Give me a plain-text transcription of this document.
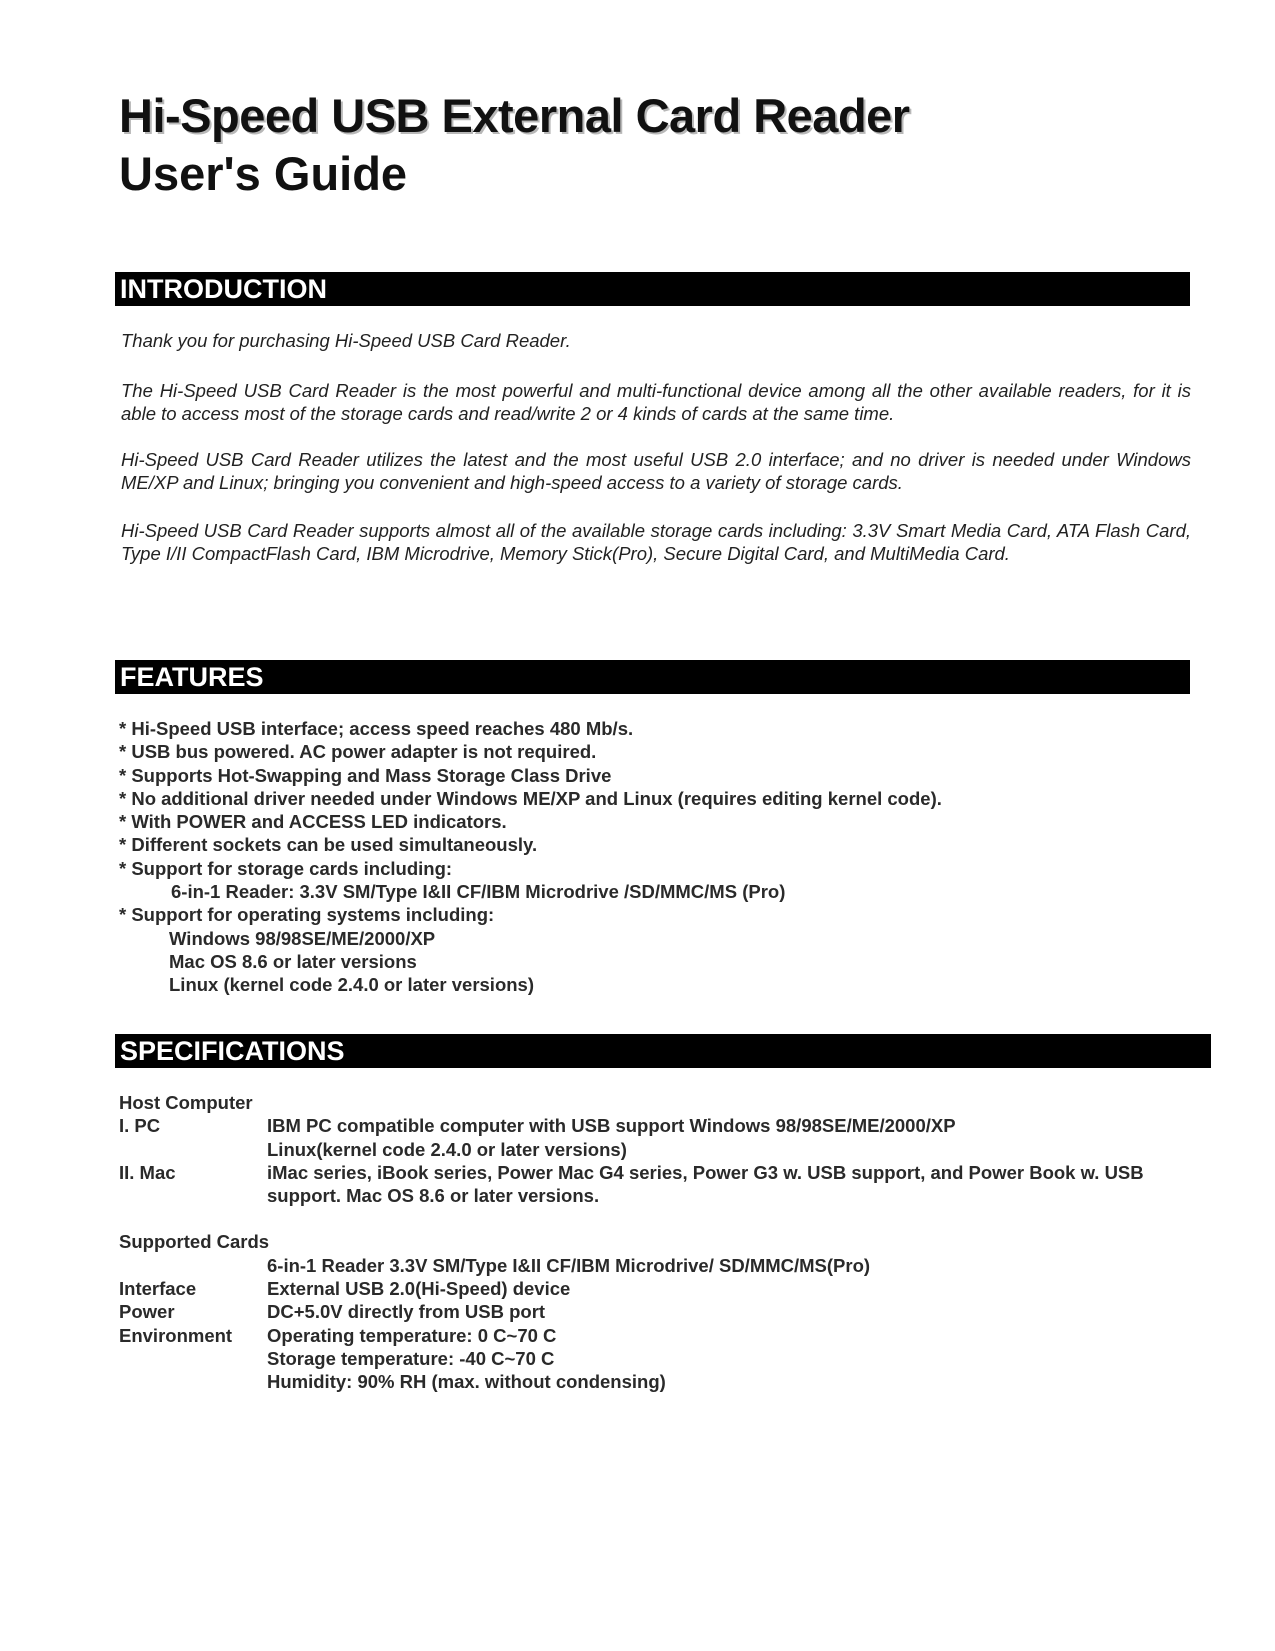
Hi-Speed USB External Card Reader
User's Guide
INTRODUCTION

Thank you for purchasing Hi-Speed USB Card Reader.

The Hi-Speed USB Card Reader is the most powerful and multi-functional device among all the other available readers, for it is able to access most of the storage cards and read/write 2 or 4 kinds of cards at the same time.

Hi-Speed USB Card Reader utilizes the latest and the most useful USB 2.0 interface; and no driver is needed under Windows ME/XP and Linux; bringing you convenient and high-speed access to a variety of storage cards.

Hi-Speed USB Card Reader supports almost all of the available storage cards including: 3.3V Smart Media Card, ATA Flash Card, Type I/II CompactFlash Card, IBM Microdrive, Memory Stick(Pro), Secure Digital Card, and MultiMedia Card.

FEATURES
* Hi-Speed USB interface; access speed reaches 480 Mb/s.
* USB bus powered. AC power adapter is not required.
* Supports Hot-Swapping and Mass Storage Class Drive
* No additional driver needed under Windows ME/XP and Linux (requires editing kernel code).
* With POWER and ACCESS LED indicators.
* Different sockets can be used simultaneously.
* Support for storage cards including:
6-in-1 Reader: 3.3V SM/Type I&II CF/IBM Microdrive /SD/MMC/MS (Pro)
* Support for operating systems including:
Windows 98/98SE/ME/2000/XP
Mac OS 8.6 or later versions
Linux (kernel code 2.4.0 or later versions)
SPECIFICATIONS
Host Computer
I. PC	IBM PC compatible computer with USB support Windows 98/98SE/ME/2000/XP
Linux(kernel code 2.4.0 or later versions)
II. Mac	iMac series, iBook series, Power Mac G4 series, Power G3 w. USB support, and Power Book w. USB support. Mac OS 8.6 or later versions.
Supported Cards
6-in-1 Reader 3.3V SM/Type I&II CF/IBM Microdrive/ SD/MMC/MS(Pro)
Interface	External USB 2.0(Hi-Speed) device
Power	DC+5.0V directly from USB port
Environment	Operating temperature: 0 C~70 C
Storage temperature: -40 C~70 C
Humidity: 90% RH (max. without condensing)
